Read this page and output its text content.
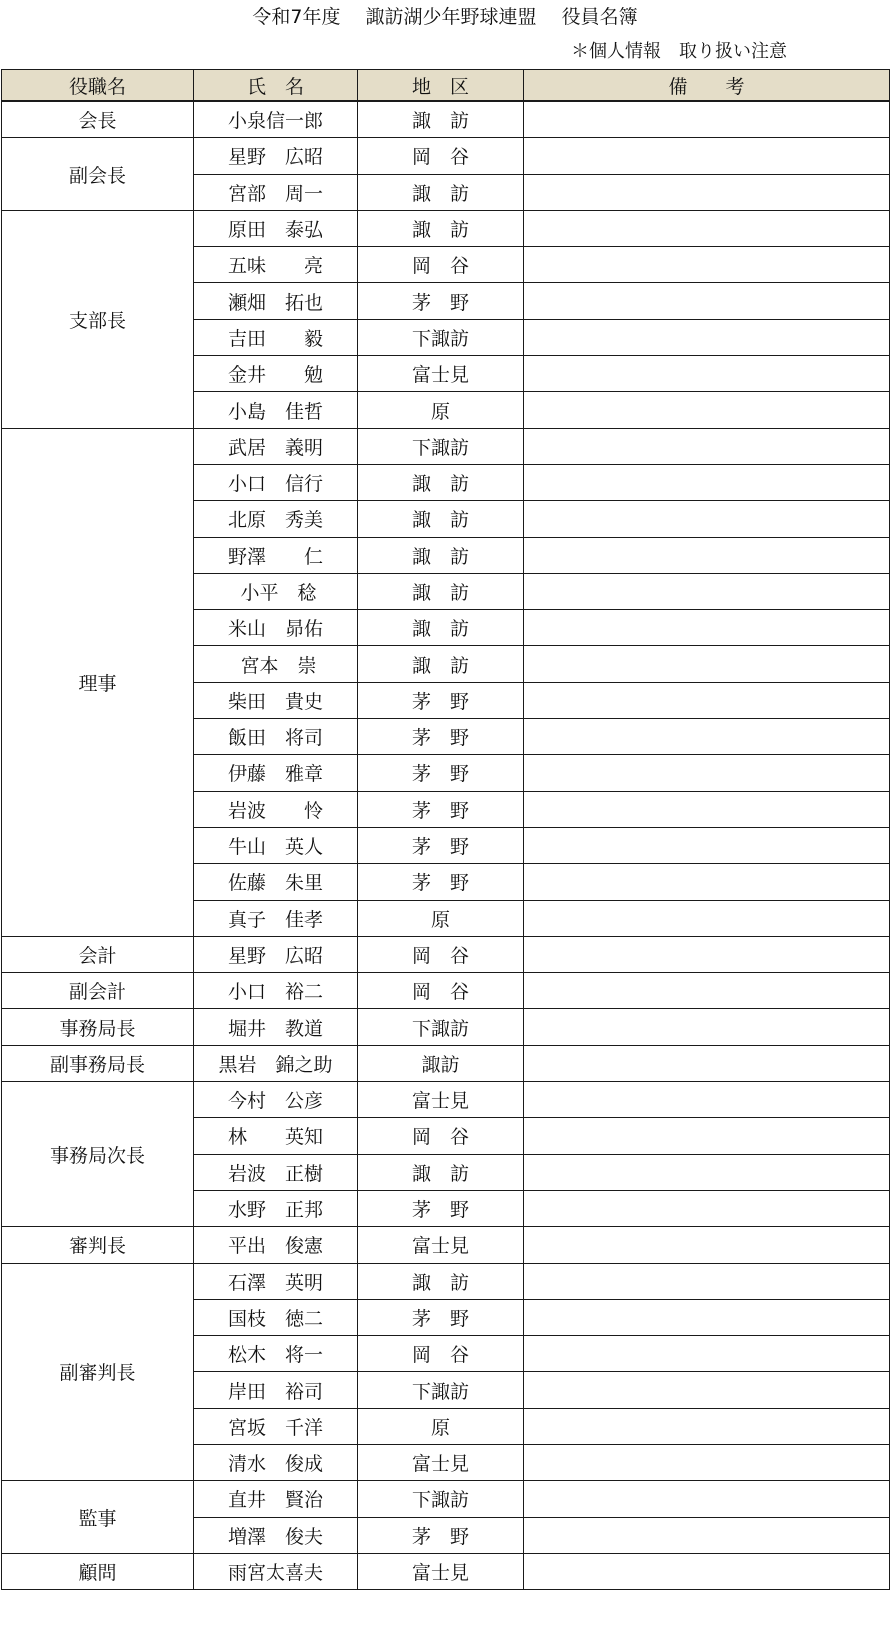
令和7年度　 諏訪湖少年野球連盟　 役員名簿
＊個人情報　取り扱い注意
役職名	氏　名	地　区	備　　考
会長	小泉信一郎	諏　訪	
副会長	星野　広昭	岡　谷	
	宮部　周一	諏　訪	
支部長	原田　泰弘	諏　訪	
	五味　　亮	岡　谷	
	瀬畑　拓也	茅　野	
	吉田　　毅	下諏訪	
	金井　　勉	富士見	
	小島　佳哲	原	
理事	武居　義明	下諏訪	
	小口　信行	諏　訪	
	北原　秀美	諏　訪	
	野澤　　仁	諏　訪	
	小平　稔	諏　訪	
	米山　昴佑	諏　訪	
	宮本　崇	諏　訪	
	柴田　貴史	茅　野	
	飯田　将司	茅　野	
	伊藤　雅章	茅　野	
	岩波　　怜	茅　野	
	牛山　英人	茅　野	
	佐藤　朱里	茅　野	
	真子　佳孝	原	
会計	星野　広昭	岡　谷	
副会計	小口　裕二	岡　谷	
事務局長	堀井　教道	下諏訪	
副事務局長	黒岩　錦之助	諏訪	
事務局次長	今村　公彦	富士見	
	林　　英知	岡　谷	
	岩波　正樹	諏　訪	
	水野　正邦	茅　野	
審判長	平出　俊憲	富士見	
副審判長	石澤　英明	諏　訪	
	国枝　徳二	茅　野	
	松木　将一	岡　谷	
	岸田　裕司	下諏訪	
	宮坂　千洋	原	
	清水　俊成	富士見	
監事	直井　賢治	下諏訪	
	増澤　俊夫	茅　野	
顧問	雨宮太喜夫	富士見	
